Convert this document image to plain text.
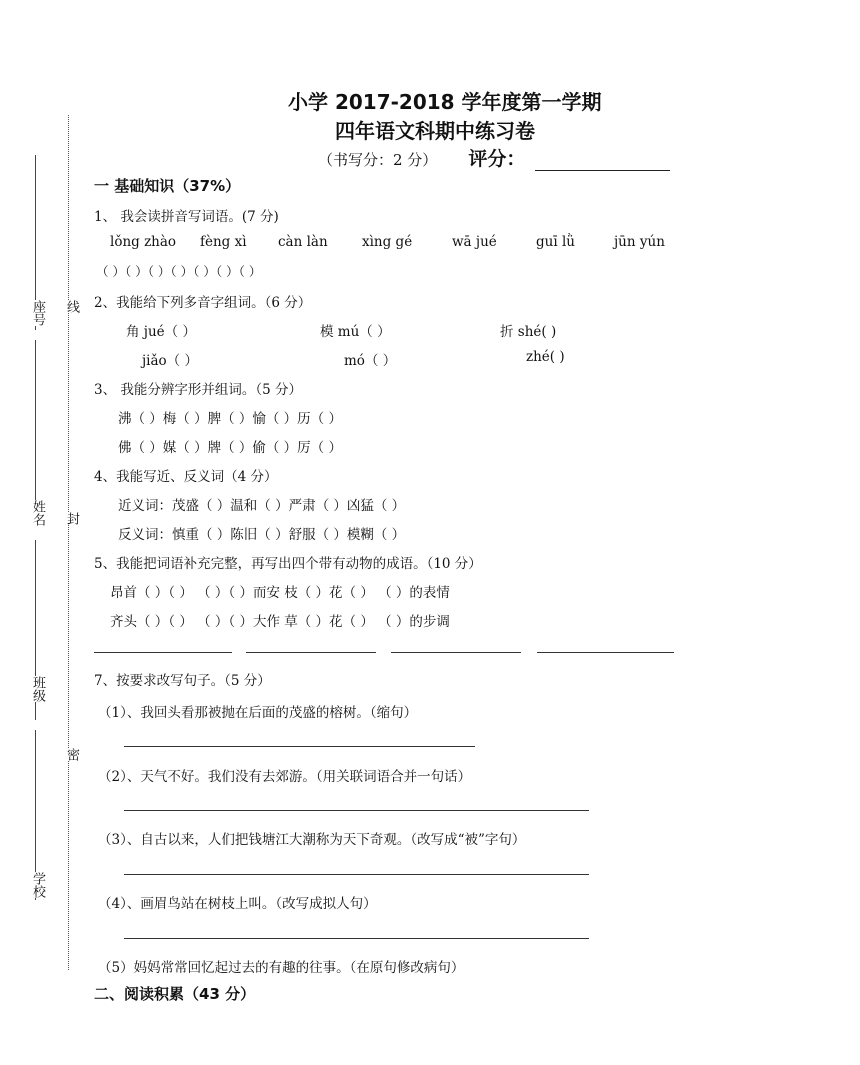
线
封
密
座号
姓名
班级
学校
小学 2017-2018 学年度第一学期
四年语文科期中练习卷
（书写分：2 分） 评分：
一 基础知识（37%）
1、 我会读拼音写词语。(7 分)
lǒng zhào fèng xì càn làn	xìng gé	wā jué	guī lǜ	jūn yún
（ ）（ ）（ ）（ ）（ ）（ ）（ ）
2、我能给下列多音字组词。（6 分）
角 jué（ ）	模 mú（ ）	折 shé( )
jiǎo（ ）	mó（ ）	zhé( )
3、 我能分辨字形并组词。（5 分）
沸（ ）梅（ ）脾（ ）愉（ ）历（ ）
佛（ ）媒（ ）牌（ ）偷（ ）厉（ ）
4、我能写近、反义词（4 分）
近义词：茂盛（ ）温和（ ）严肃（ ）凶猛（ ）
反义词：慎重（ ）陈旧（ ）舒服（ ）模糊（ ）
5、我能把词语补充完整，再写出四个带有动物的成语。（10 分）
昂首（ ）（ ） （ ）（ ）而安 枝（ ）花（ ） （ ）的表情
齐头（ ）（ ） （ ）（ ）大作 草（ ）花（ ） （ ）的步调
7、按要求改写句子。（5 分）
（1）、我回头看那被抛在后面的茂盛的榕树。（缩句）
（2）、天气不好。我们没有去郊游。（用关联词语合并一句话）
（3）、自古以来，人们把钱塘江大潮称为天下奇观。（改写成“被”字句）
（4）、画眉鸟站在树枝上叫。（改写成拟人句）
（5）妈妈常常回忆起过去的有趣的往事。（在原句修改病句）
二、阅读积累（43 分）
